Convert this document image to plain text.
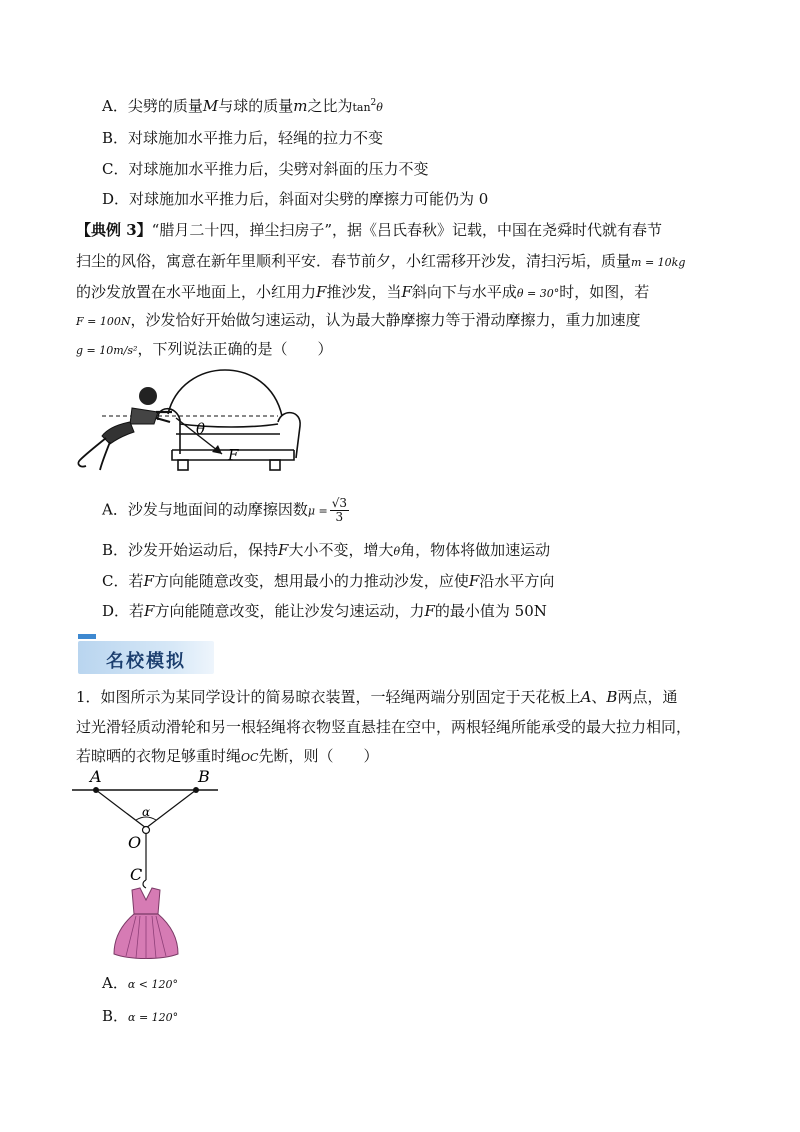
A．尖劈的质量M与球的质量m之比为$\tan^2\theta$
B．对球施加水平推力后，轻绳的拉力不变
C．对球施加水平推力后，尖劈对斜面的压力不变
D．对球施加水平推力后，斜面对尖劈的摩擦力可能仍为 0
【典例 3】“腊月二十四，掸尘扫房子”，据《吕氏春秋》记载，中国在尧舜时代就有春节
扫尘的风俗，寓意在新年里顺利平安．春节前夕，小红需移开沙发，清扫污垢，质量m = 10kg
的沙发放置在水平地面上，小红用力F推沙发，当F斜向下与水平成θ = 30°时，如图，若
F = 100N，沙发恰好开始做匀速运动，认为最大静摩擦力等于滑动摩擦力，重力加速度
g = 10m/s²，下列说法正确的是（　　）
θ
F
A．沙发与地面间的动摩擦因数$\mu = \frac{√3}{3}$
B．沙发开始运动后，保持F大小不变，增大θ角，物体将做加速运动
C．若F方向能随意改变，想用最小的力推动沙发，应使F沿水平方向
D．若F方向能随意改变，能让沙发匀速运动，力F的最小值为 50N
名校模拟
1．如图所示为某同学设计的简易晾衣装置，一轻绳两端分别固定于天花板上A、B两点，通
过光滑轻质动滑轮和另一根轻绳将衣物竖直悬挂在空中，两根轻绳所能承受的最大拉力相同，
若晾晒的衣物足够重时绳OC先断，则（　　）
A	B
α
O
C
A．α < 120°
B．α = 120°
